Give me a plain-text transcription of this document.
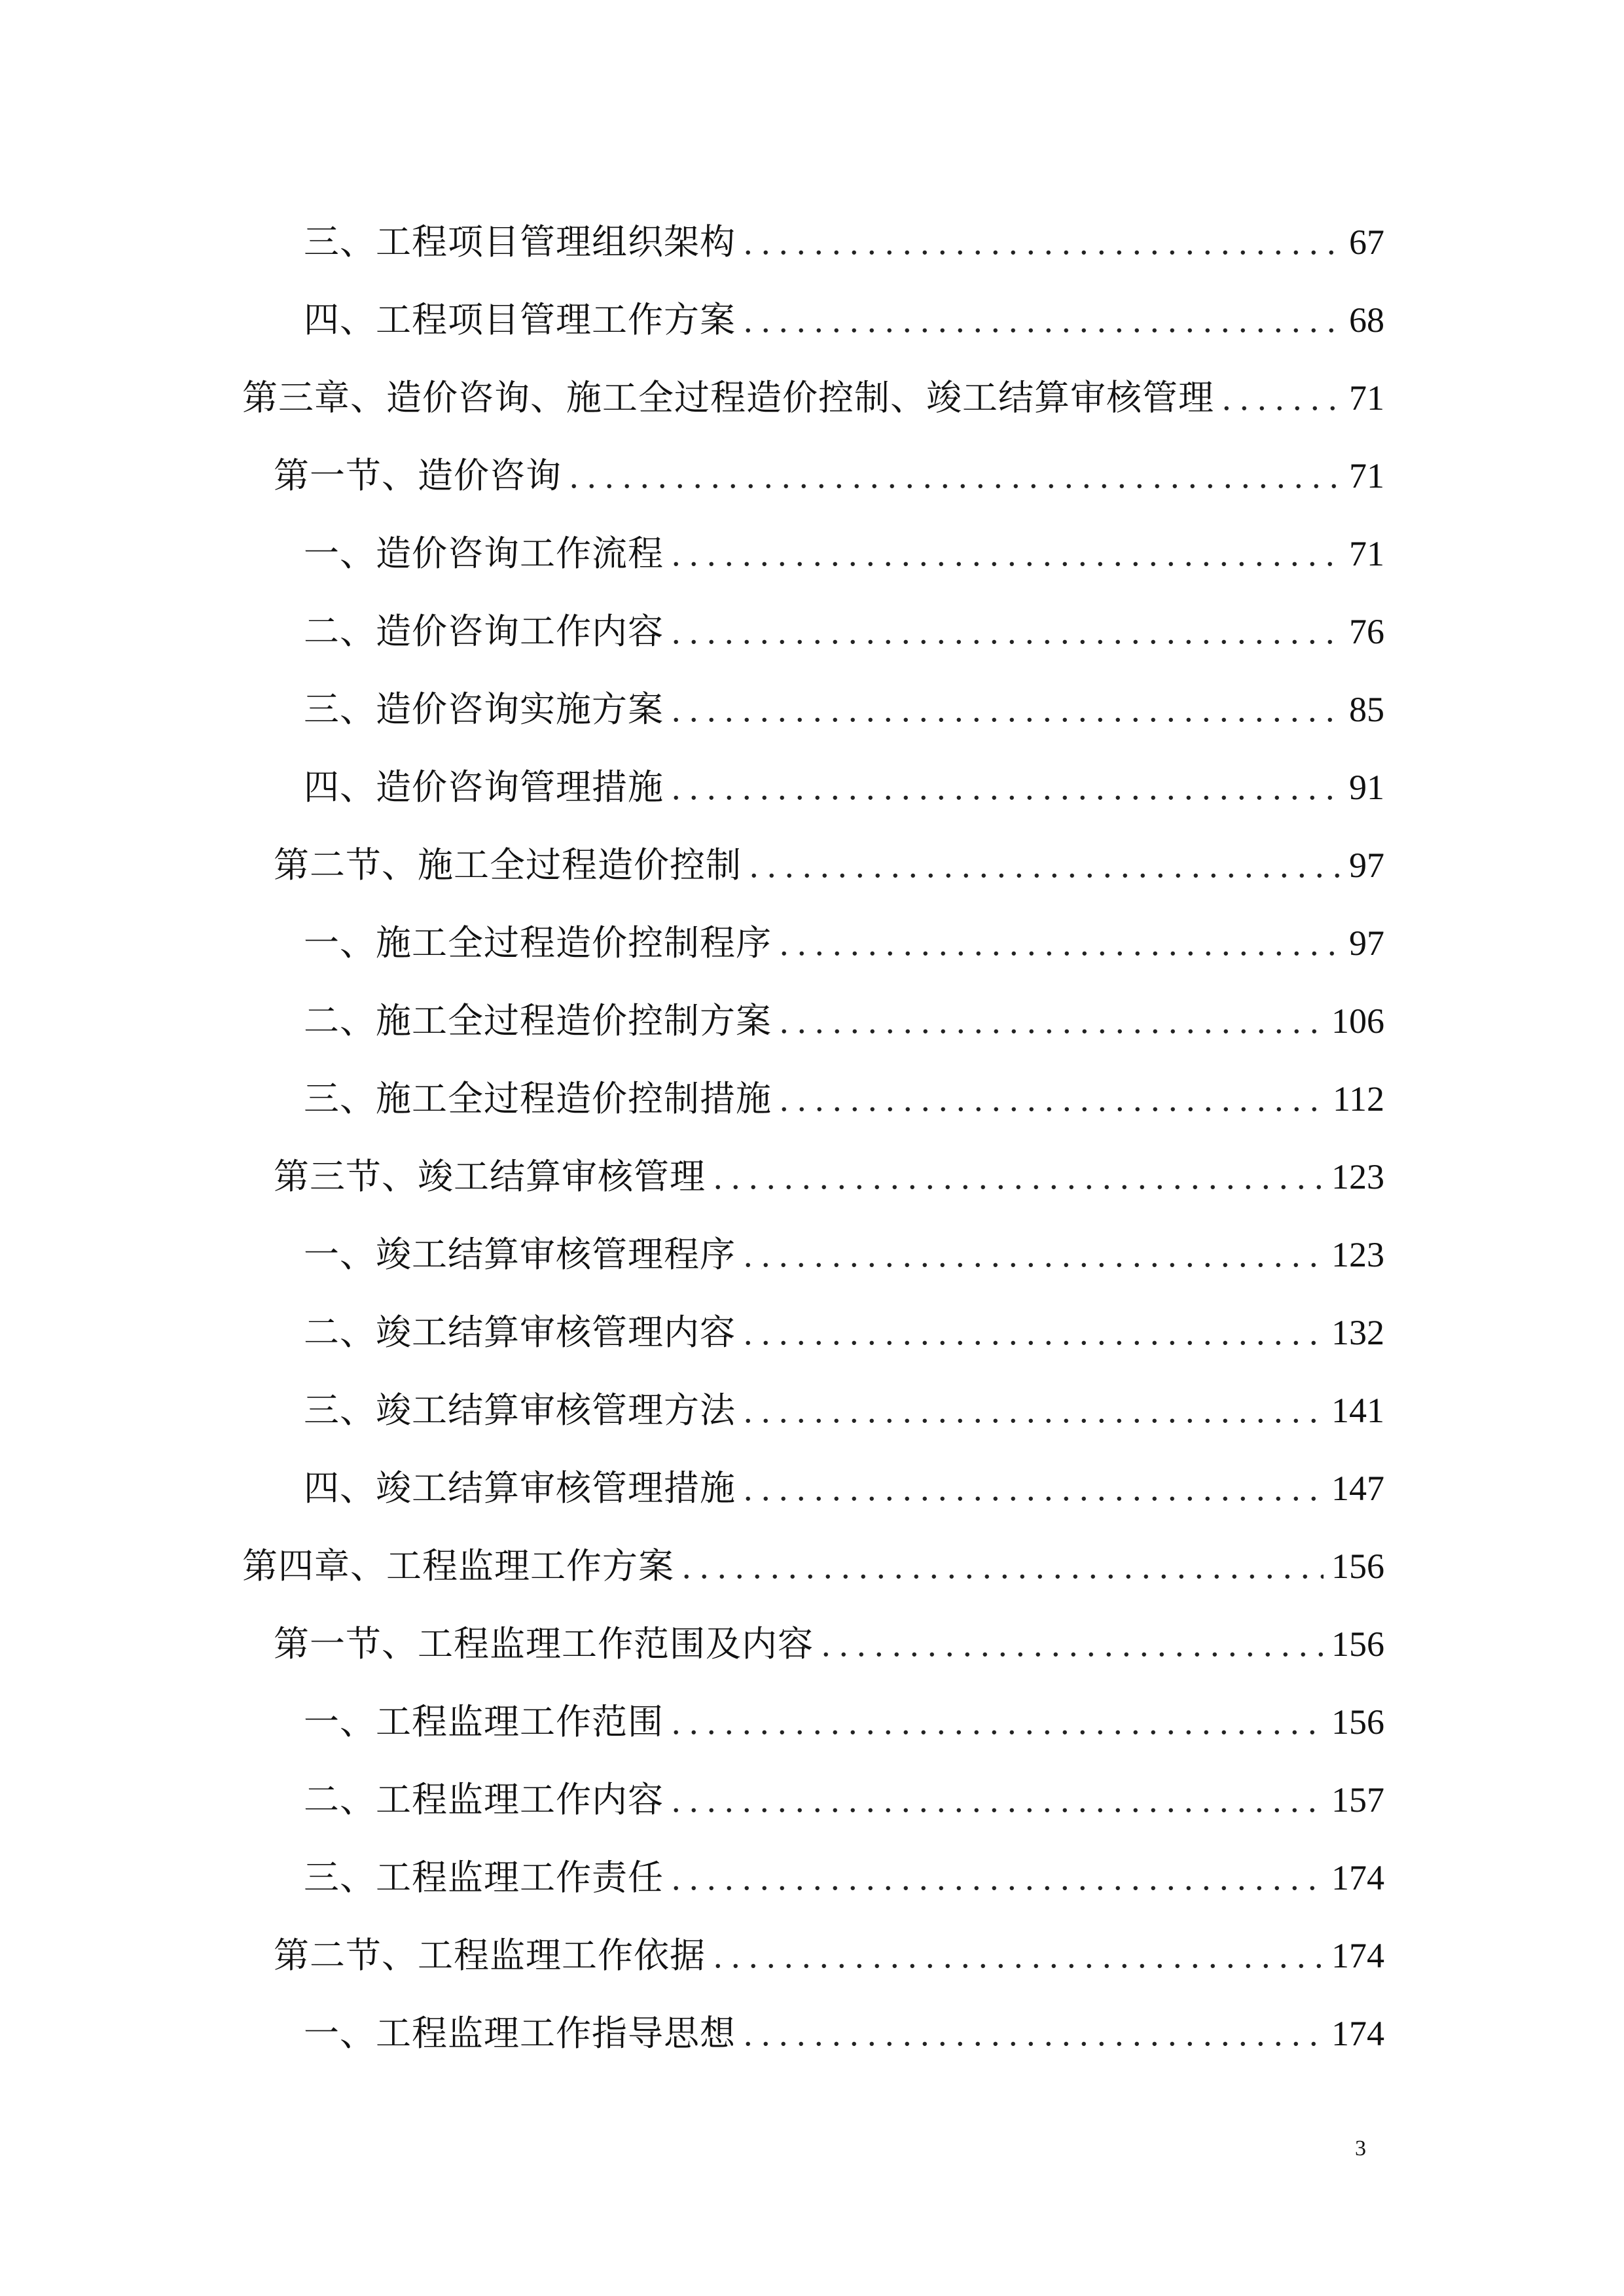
三、工程项目管理组织架构 . . .	67
四、工程项目管理工作方案 . . .	68
第三章、造价咨询、施工全过程造价控制、竣工结算审核管理 . . .	71
第一节、造价咨询 . . .	71
一、造价咨询工作流程 . . .	71
二、造价咨询工作内容 . . .	76
三、造价咨询实施方案 . . .	85
四、造价咨询管理措施 . . .	91
第二节、施工全过程造价控制 . . .	97
一、施工全过程造价控制程序 . . .	97
二、施工全过程造价控制方案 . . .	106
三、施工全过程造价控制措施 . . .	112
第三节、竣工结算审核管理 . . .	123
一、竣工结算审核管理程序 . . .	123
二、竣工结算审核管理内容 . . .	132
三、竣工结算审核管理方法 . . .	141
四、竣工结算审核管理措施 . . .	147
第四章、工程监理工作方案 . . .	156
第一节、工程监理工作范围及内容 . . .	156
一、工程监理工作范围 . . .	156
二、工程监理工作内容 . . .	157
三、工程监理工作责任 . . .	174
第二节、工程监理工作依据 . . .	174
一、工程监理工作指导思想 . . .	174
3
